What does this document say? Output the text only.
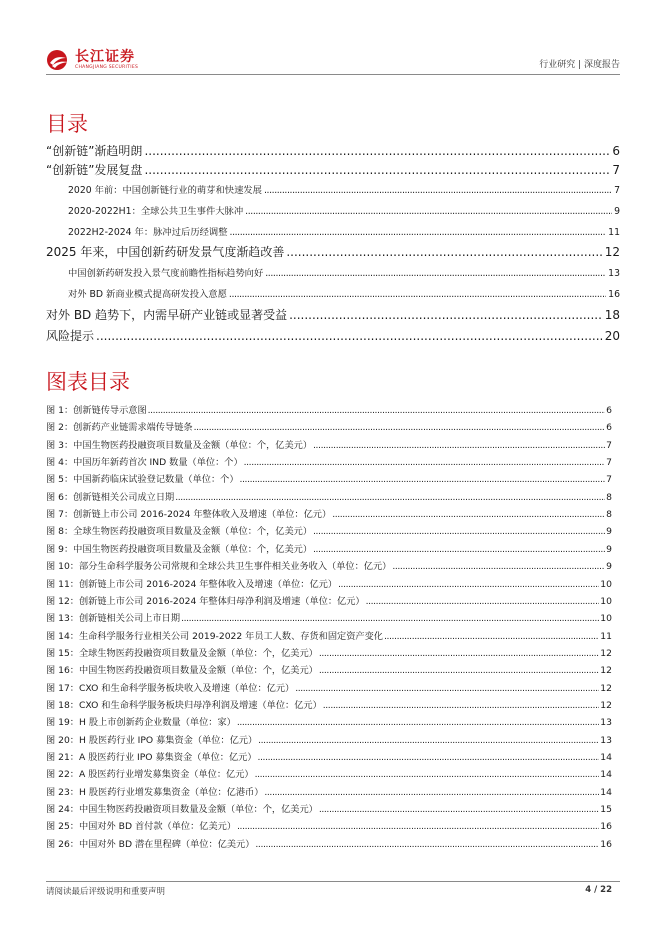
长江证券
CHANGJIANG SECURITIES	行业研究 | 深度报告
目录
“创新链”渐趋明朗 .....	6
“创新链”发展复盘 .....	7
2020 年前：中国创新链行业的萌芽和快速发展 .....	7
2020-2022H1：全球公共卫生事件大脉冲 .....	9
2022H2-2024 年：脉冲过后历经调整 .....	11
2025 年来，中国创新药研发景气度渐趋改善 .....	12
中国创新药研发投入景气度前瞻性指标趋势向好 .....	13
对外 BD 新商业模式提高研发投入意愿 .....	16
对外 BD 趋势下，内需早研产业链或显著受益 .....	18
风险提示 .....	20
图表目录
图 1：创新链传导示意图 .....	6
图 2：创新药产业链需求端传导链条 .....	6
图 3：中国生物医药投融资项目数量及金额（单位：个，亿美元） .....	7
图 4：中国历年新药首次 IND 数量（单位：个） .....	7
图 5：中国新药临床试验登记数量（单位：个） .....	7
图 6：创新链相关公司成立日期 .....	8
图 7：创新链上市公司 2016-2024 年整体收入及增速（单位：亿元） .....	8
图 8：全球生物医药投融资项目数量及金额（单位：个，亿美元） .....	9
图 9：中国生物医药投融资项目数量及金额（单位：个，亿美元） .....	9
图 10：部分生命科学服务公司常规和全球公共卫生事件相关业务收入（单位：亿元） .....	9
图 11：创新链上市公司 2016-2024 年整体收入及增速（单位：亿元） .....	10
图 12：创新链上市公司 2016-2024 年整体归母净利润及增速（单位：亿元） .....	10
图 13：创新链相关公司上市日期 .....	10
图 14：生命科学服务行业相关公司 2019-2022 年员工人数、存货和固定资产变化 .....	11
图 15：全球生物医药投融资项目数量及金额（单位：个，亿美元） .....	12
图 16：中国生物医药投融资项目数量及金额（单位：个，亿美元） .....	12
图 17：CXO 和生命科学服务板块收入及增速（单位：亿元） .....	12
图 18：CXO 和生命科学服务板块归母净利润及增速（单位：亿元） .....	12
图 19：H 股上市创新药企业数量（单位：家） .....	13
图 20：H 股医药行业 IPO 募集资金（单位：亿元） .....	13
图 21：A 股医药行业 IPO 募集资金（单位：亿元） .....	14
图 22：A 股医药行业增发募集资金（单位：亿元） .....	14
图 23：H 股医药行业增发募集资金（单位：亿港币） .....	14
图 24：中国生物医药投融资项目数量及金额（单位：个，亿美元） .....	15
图 25：中国对外 BD 首付款（单位：亿美元） .....	16
图 26：中国对外 BD 潜在里程碑（单位：亿美元） .....	16
请阅读最后评级说明和重要声明	4 / 22
